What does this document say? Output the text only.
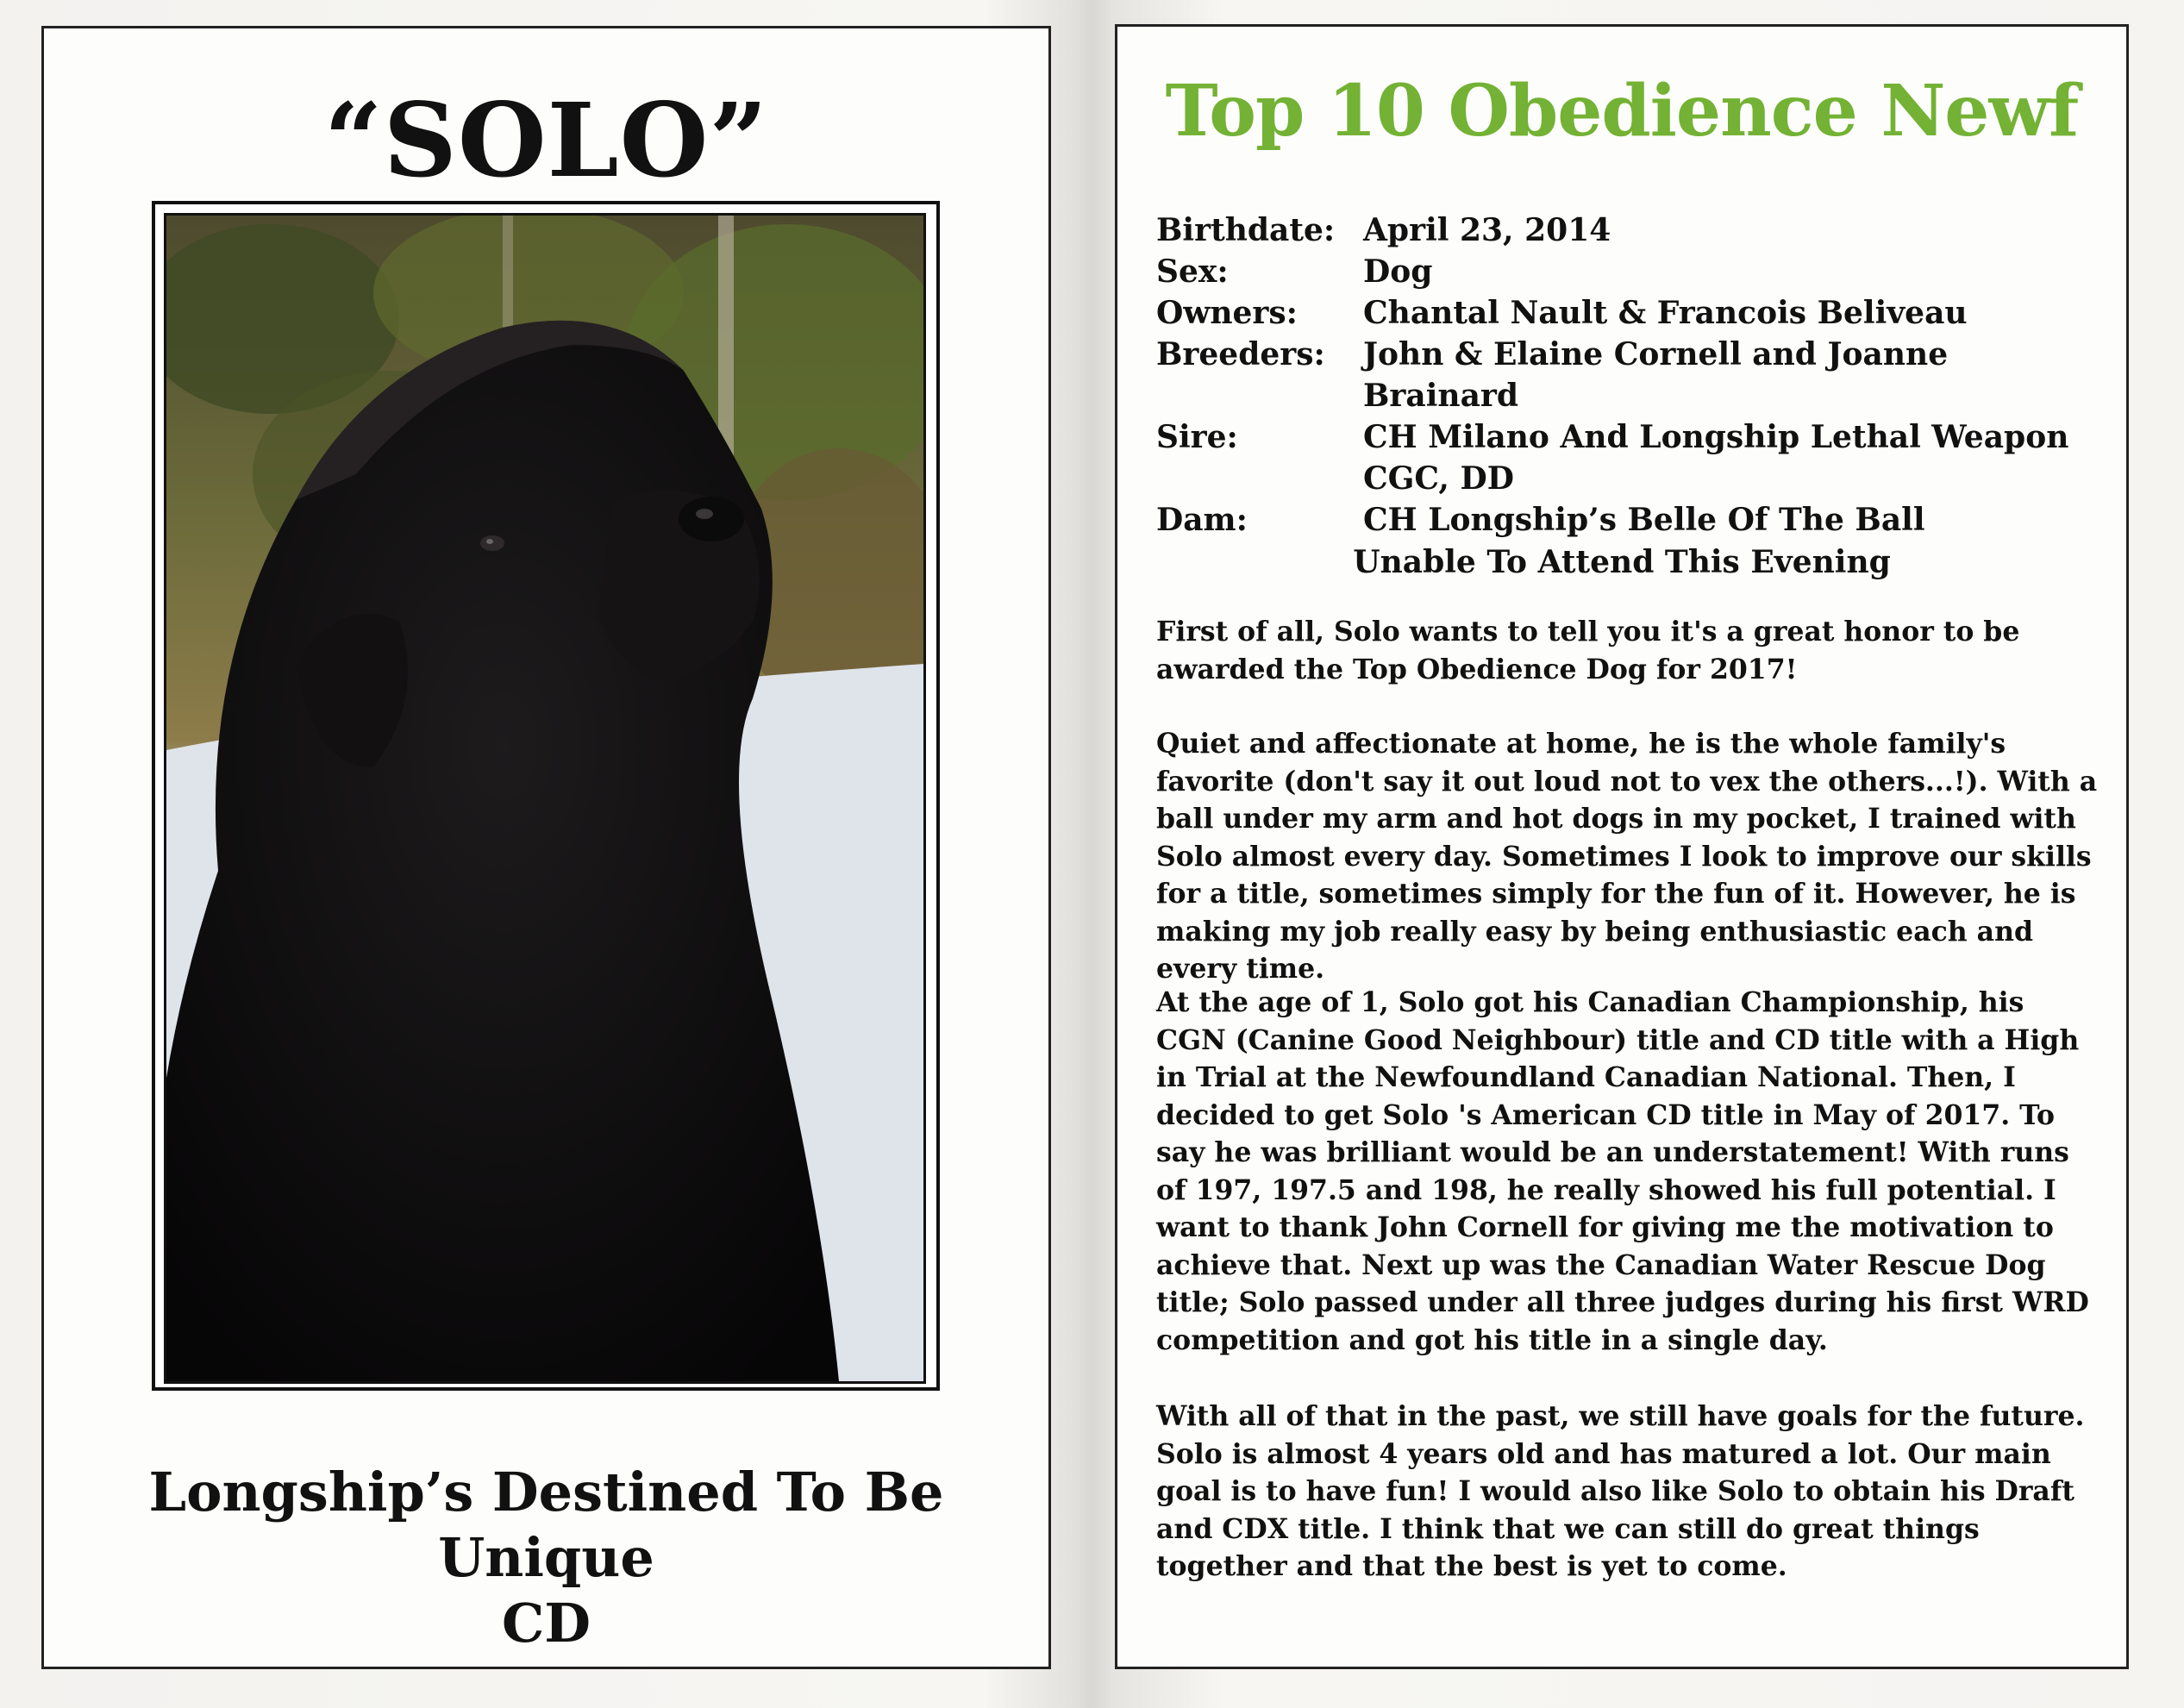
“SOLO”
Longship’s Destined To Be Unique
CD
Top 10 Obedience Newf
Birthdate: April 23, 2014
Sex:	Dog
Owners:	Chantal Nault & Francois Beliveau
Breeders:	John & Elaine Cornell and Joanne Brainard
Sire:	CH Milano And Longship Lethal Weapon
CGC, DD
Dam:	CH Longship’s Belle Of The Ball
Unable To Attend This Evening
First of all, Solo wants to tell you it's a great honor to be awarded the Top Obedience Dog for 2017!
Quiet and affectionate at home, he is the whole family's favorite (don't say it out loud not to vex the others...!). With a ball under my arm and hot dogs in my pocket, I trained with Solo almost every day. Sometimes I look to improve our skills for a title, sometimes simply for the fun of it. However, he is making my job really easy by being enthusiastic each and every time.
At the age of 1, Solo got his Canadian Championship, his CGN (Canine Good Neighbour) title and CD title with a High in Trial at the Newfoundland Canadian National. Then, I decided to get Solo 's American CD title in May of 2017. To say he was brilliant would be an understatement! With runs of 197, 197.5 and 198, he really showed his full potential. I want to thank John Cornell for giving me the motivation to achieve that. Next up was the Canadian Water Rescue Dog title; Solo passed under all three judges during his first WRD competition and got his title in a single day.
With all of that in the past, we still have goals for the future. Solo is almost 4 years old and has matured a lot. Our main goal is to have fun! I would also like Solo to obtain his Draft and CDX title. I think that we can still do great things together and that the best is yet to come.
